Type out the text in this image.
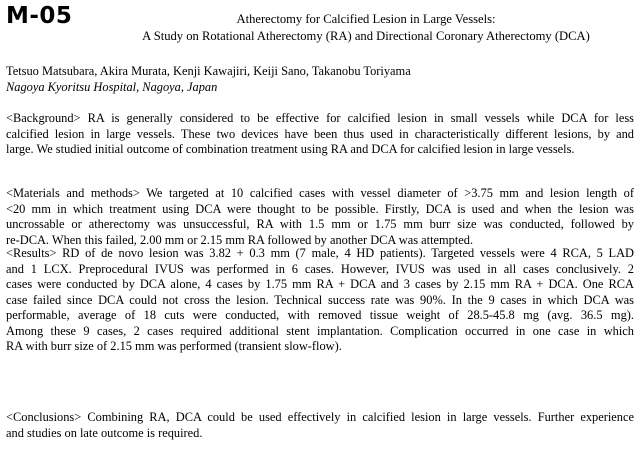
M-05	Atherectomy for Calcified Lesion in Large Vessels:
A Study on Rotational Atherectomy (RA) and Directional Coronary Atherectomy (DCA)
Tetsuo Matsubara, Akira Murata, Kenji Kawajiri, Keiji Sano, Takanobu Toriyama
Nagoya Kyoritsu Hospital, Nagoya, Japan
<Background> RA is generally considered to be effective for calcified lesion in small vessels while DCA for less
calcified lesion in large vessels. These two devices have been thus used in characteristically different lesions, by and
large. We studied initial outcome of combination treatment using RA and DCA for calcified lesion in large vessels.
<Materials and methods> We targeted at 10 calcified cases with vessel diameter of >3.75 mm and lesion length of
<20 mm in which treatment using DCA were thought to be possible. Firstly, DCA is used and when the lesion was
uncrossable or atherectomy was unsuccessful, RA with 1.5 mm or 1.75 mm burr size was conducted, followed by
re-DCA. When this failed, 2.00 mm or 2.15 mm RA followed by another DCA was attempted.
<Results> RD of de novo lesion was 3.82 + 0.3 mm (7 male, 4 HD patients). Targeted vessels were 4 RCA, 5 LAD
and 1 LCX. Preprocedural IVUS was performed in 6 cases. However, IVUS was used in all cases conclusively. 2
cases were conducted by DCA alone, 4 cases by 1.75 mm RA + DCA and 3 cases by 2.15 mm RA + DCA. One RCA
case failed since DCA could not cross the lesion. Technical success rate was 90%. In the 9 cases in which DCA was
performable, average of 18 cuts were conducted, with removed tissue weight of 28.5-45.8 mg (avg. 36.5 mg).
Among these 9 cases, 2 cases required additional stent implantation. Complication occurred in one case in which
RA with burr size of 2.15 mm was performed (transient slow-flow).
<Conclusions> Combining RA, DCA could be used effectively in calcified lesion in large vessels. Further experience
and studies on late outcome is required.
